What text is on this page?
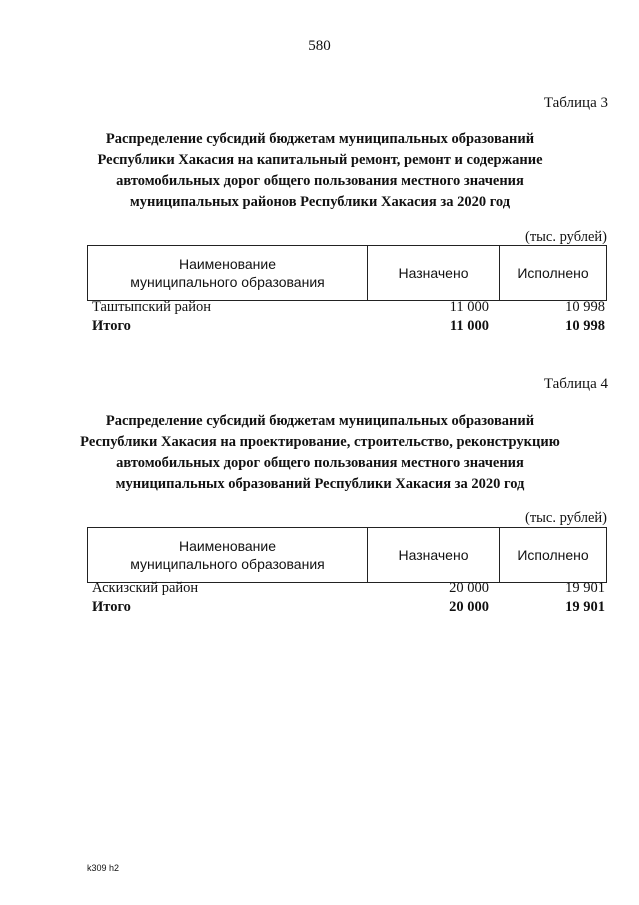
580
Таблица 3
Распределение субсидий бюджетам муниципальных образований
Республики Хакасия на капитальный ремонт, ремонт и содержание
автомобильных дорог общего пользования местного значения
муниципальных районов Республики Хакасия за 2020 год
(тыс. рублей)
Наименование
муниципального образования
	Назначено	Исполнено
Таштыпский район	11 000	10 998
Итого	11 000	10 998
Таблица 4
Распределение субсидий бюджетам муниципальных образований
Республики Хакасия на проектирование, строительство, реконструкцию
автомобильных дорог общего пользования местного значения
муниципальных образований Республики Хакасия за 2020 год
(тыс. рублей)
Наименование
муниципального образования
	Назначено	Исполнено
Аскизский район	20 000	19 901
Итого	20 000	19 901
k309 h2
